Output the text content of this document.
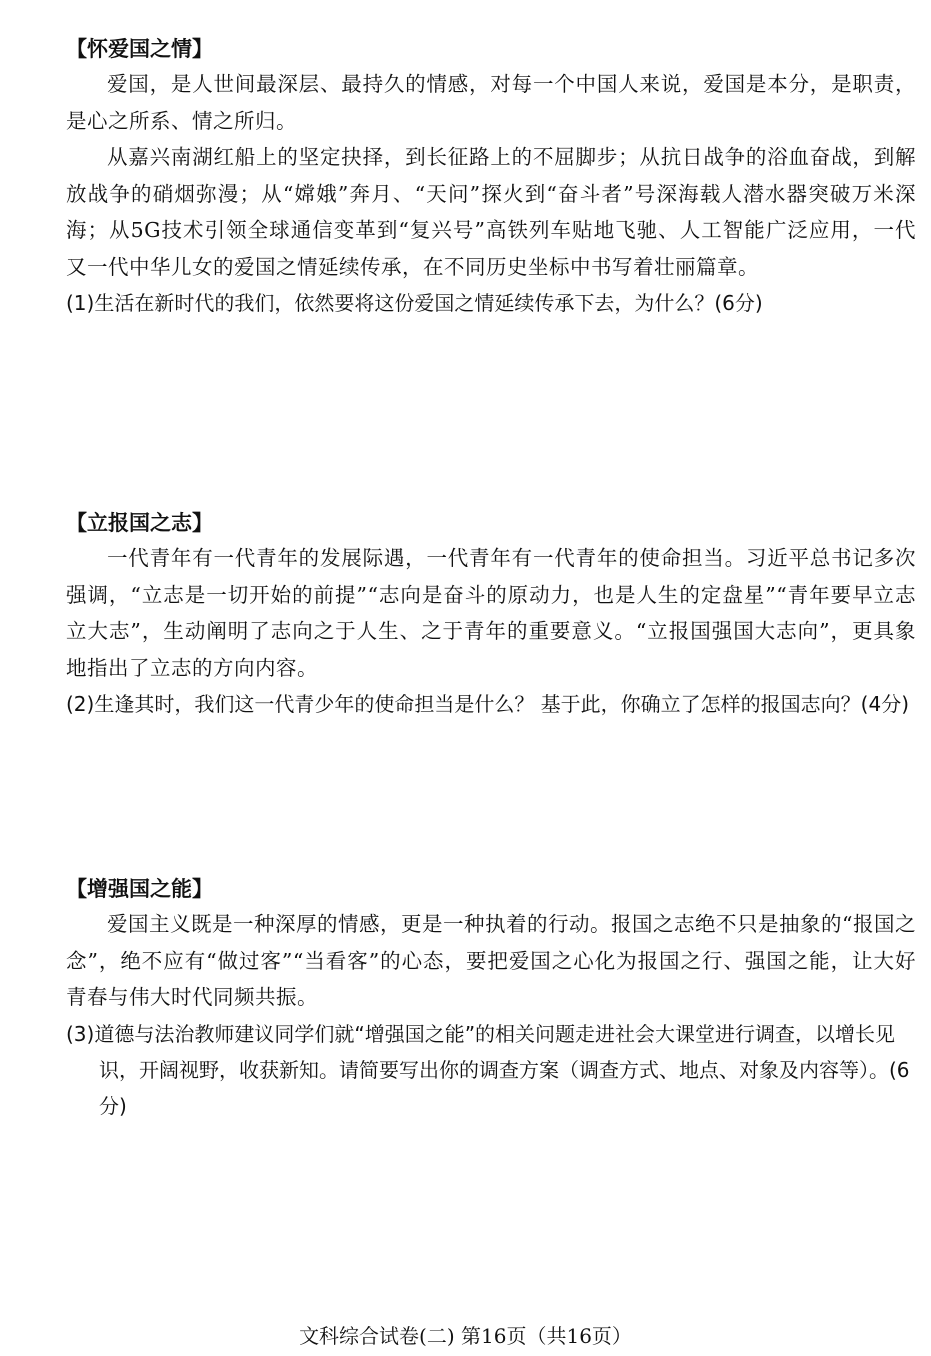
【怀爱国之情】

爱国，是人世间最深层、最持久的情感，对每一个中国人来说，爱国是本分，是职责，是心之所系、情之所归。

从嘉兴南湖红船上的坚定抉择，到长征路上的不屈脚步；从抗日战争的浴血奋战，到解放战争的硝烟弥漫；从“嫦娥”奔月、“天问”探火到“奋斗者”号深海载人潜水器突破万米深海；从5G技术引领全球通信变革到“复兴号”高铁列车贴地飞驰、人工智能广泛应用，一代又一代中华儿女的爱国之情延续传承，在不同历史坐标中书写着壮丽篇章。

(1)生活在新时代的我们，依然要将这份爱国之情延续传承下去，为什么？(6分)

【立报国之志】

一代青年有一代青年的发展际遇，一代青年有一代青年的使命担当。习近平总书记多次强调，“立志是一切开始的前提”“志向是奋斗的原动力，也是人生的定盘星”“青年要早立志立大志”，生动阐明了志向之于人生、之于青年的重要意义。“立报国强国大志向”，更具象地指出了立志的方向内容。

(2)生逢其时，我们这一代青少年的使命担当是什么？ 基于此，你确立了怎样的报国志向？(4分)

【增强国之能】

爱国主义既是一种深厚的情感，更是一种执着的行动。报国之志绝不只是抽象的“报国之念”，绝不应有“做过客”“当看客”的心态，要把爱国之心化为报国之行、强国之能，让大好青春与伟大时代同频共振。

(3)道德与法治教师建议同学们就“增强国之能”的相关问题走进社会大课堂进行调查，以增长见识，开阔视野，收获新知。请简要写出你的调查方案（调查方式、地点、对象及内容等）。(6分)

文科综合试卷(二) 第16页（共16页）
